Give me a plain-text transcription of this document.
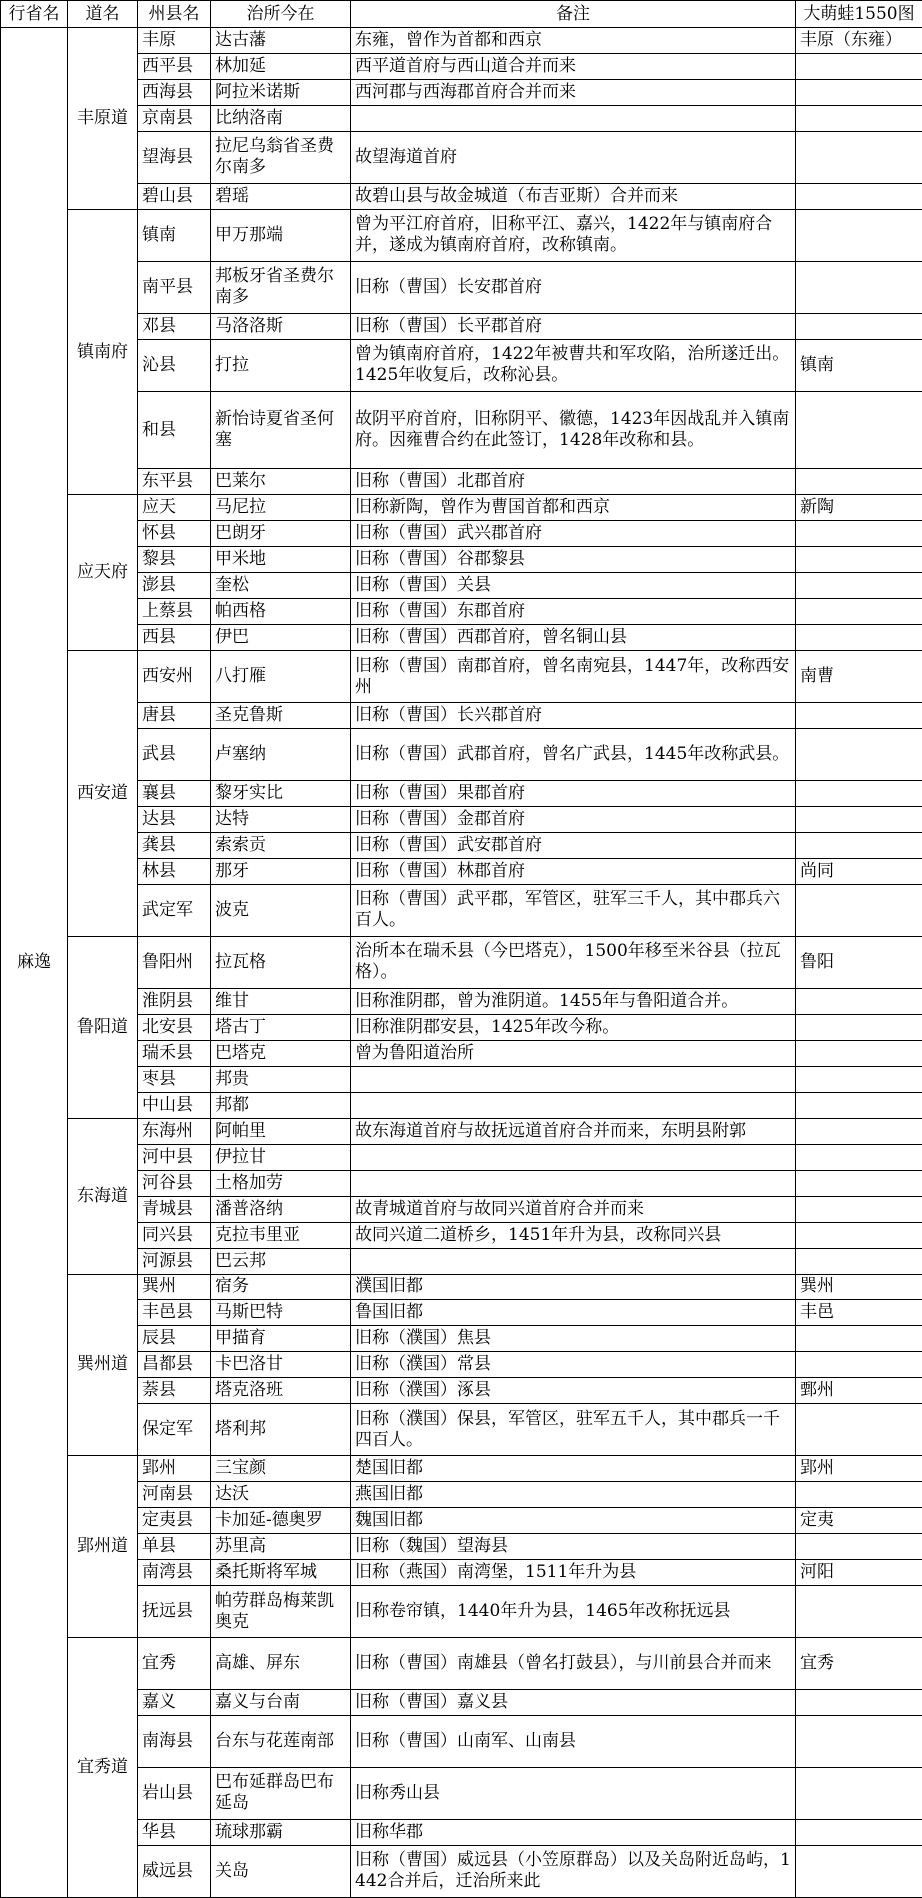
行省名	道名	州县名	治所今在	备注	大萌蛙1550图
麻逸	丰原道	丰原	达古藩	东雍，曾作为首都和西京	丰原（东雍）
		西平县	林加延	西平道首府与西山道合并而来	
		西海县	阿拉米诺斯	西河郡与西海郡首府合并而来	
		京南县	比纳洛南		
		望海县	拉尼乌翁省圣费尔南多	故望海道首府	
		碧山县	碧瑶	故碧山县与故金城道（布吉亚斯）合并而来	
	镇南府	镇南	甲万那端	曾为平江府首府，旧称平江、嘉兴，1422年与镇南府合并，遂成为镇南府首府，改称镇南。	
		南平县	邦板牙省圣费尔南多	旧称（曹国）长安郡首府	
		邓县	马洛洛斯	旧称（曹国）长平郡首府	
		沁县	打拉	曾为镇南府首府，1422年被曹共和军攻陷，治所遂迁出。1425年收复后，改称沁县。	镇南
		和县	新怡诗夏省圣何塞	故阴平府首府，旧称阴平、徽德，1423年因战乱并入镇南府。因雍曹合约在此签订，1428年改称和县。	
		东平县	巴莱尔	旧称（曹国）北郡首府	
	应天府	应天	马尼拉	旧称新陶，曾作为曹国首都和西京	新陶
		怀县	巴朗牙	旧称（曹国）武兴郡首府	
		黎县	甲米地	旧称（曹国）谷郡黎县	
		澎县	奎松	旧称（曹国）关县	
		上蔡县	帕西格	旧称（曹国）东郡首府	
		西县	伊巴	旧称（曹国）西郡首府，曾名铜山县	
	西安道	西安州	八打雁	旧称（曹国）南郡首府，曾名南宛县，1447年，改称西安州	南曹
		唐县	圣克鲁斯	旧称（曹国）长兴郡首府	
		武县	卢塞纳	旧称（曹国）武郡首府，曾名广武县，1445年改称武县。	
		襄县	黎牙实比	旧称（曹国）果郡首府	
		达县	达特	旧称（曹国）金郡首府	
		龚县	索索贡	旧称（曹国）武安郡首府	
		林县	那牙	旧称（曹国）林郡首府	尚同
		武定军	波克	旧称（曹国）武平郡，军管区，驻军三千人，其中郡兵六百人。	
	鲁阳道	鲁阳州	拉瓦格	治所本在瑞禾县（今巴塔克），1500年移至米谷县（拉瓦格）。	鲁阳
		淮阴县	维甘	旧称淮阴郡，曾为淮阴道。1455年与鲁阳道合并。	
		北安县	塔古丁	旧称淮阴郡安县，1425年改今称。	
		瑞禾县	巴塔克	曾为鲁阳道治所	
		枣县	邦贵		
		中山县	邦都		
	东海道	东海州	阿帕里	故东海道首府与故抚远道首府合并而来，东明县附郭	
		河中县	伊拉甘		
		河谷县	土格加劳		
		青城县	潘普洛纳	故青城道首府与故同兴道首府合并而来	
		同兴县	克拉韦里亚	故同兴道二道桥乡，1451年升为县，改称同兴县	
		河源县	巴云邦		
	巽州道	巽州	宿务	濮国旧都	巽州
		丰邑县	马斯巴特	鲁国旧都	丰邑
		辰县	甲描育	旧称（濮国）焦县	
		昌都县	卡巴洛甘	旧称（濮国）常县	
		萘县	塔克洛班	旧称（濮国）涿县	鄄州
		保定军	塔利邦	旧称（濮国）保县，军管区，驻军五千人，其中郡兵一千四百人。	
	郢州道	郢州	三宝颜	楚国旧都	郢州
		河南县	达沃	燕国旧都	
		定夷县	卡加延-德奥罗	魏国旧都	定夷
		单县	苏里高	旧称（魏国）望海县	
		南湾县	桑托斯将军城	旧称（燕国）南湾堡，1511年升为县	河阳
		抚远县	帕劳群岛梅莱凯奥克	旧称卷帘镇，1440年升为县，1465年改称抚远县	
	宜秀道	宜秀	高雄、屏东	旧称（曹国）南雄县（曾名打鼓县），与川前县合并而来	宜秀
		嘉义	嘉义与台南	旧称（曹国）嘉义县	
		南海县	台东与花莲南部	旧称（曹国）山南军、山南县	
		岩山县	巴布延群岛巴布延岛	旧称秀山县	
		华县	琉球那霸	旧称华郡	
		威远县	关岛	旧称（曹国）威远县（小笠原群岛）以及关岛附近岛屿，1442合并后，迁治所来此	
